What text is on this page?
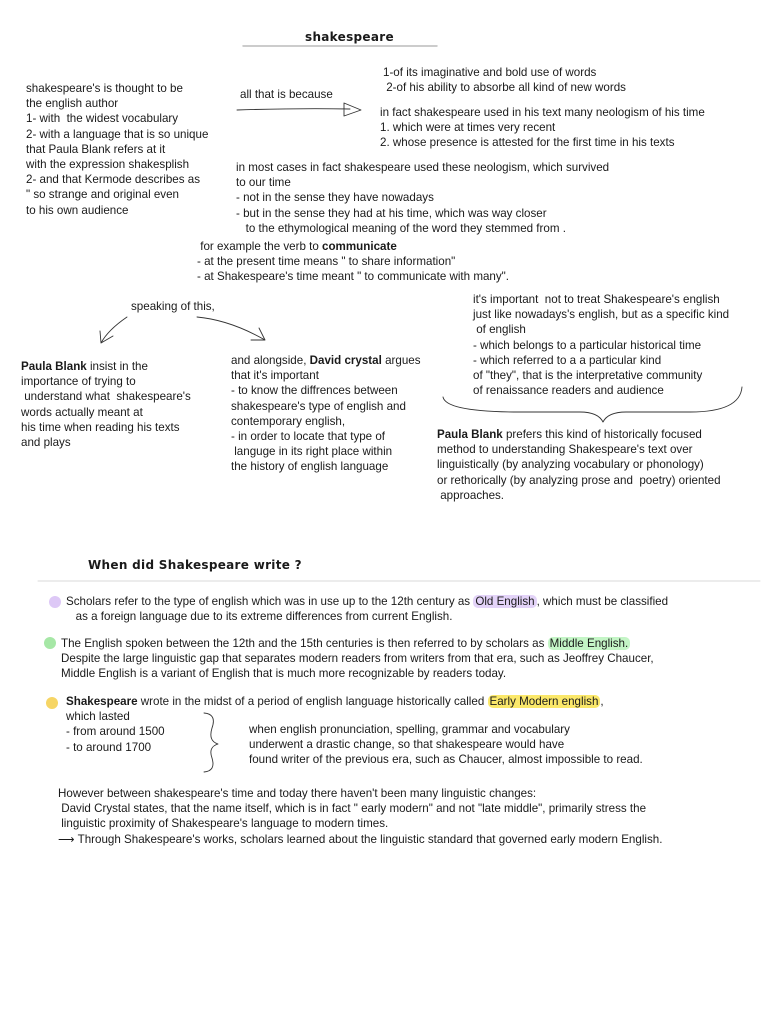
shakespeare
shakespeare's is thought to be
the english author
1- with  the widest vocabulary
2- with a language that is so unique
that Paula Blank refers at it
with the expression shakesplish
2- and that Kermode describes as
" so strange and original even
to his own audience
all that is because
1-of its imaginative and bold use of words
2-of his ability to absorbe all kind of new words
in fact shakespeare used in his text many neologism of his time
1. which were at times very recent
2. whose presence is attested for the first time in his texts
in most cases in fact shakespeare used these neologism, which survived
to our time
- not in the sense they have nowadays
- but in the sense they had at his time, which was way closer
to the ethymological meaning of the word they stemmed from .
for example the verb to communicate
- at the present time means " to share information"
- at Shakespeare's time meant " to communicate with many".
speaking of this,
Paula Blank insist in the
importance of trying to
understand what  shakespeare's
words actually meant at
his time when reading his texts
and plays
and alongside, David crystal argues
that it's important
- to know the diffrences between
shakespeare's type of english and
contemporary english,
- in order to locate that type of
languge in its right place within
the history of english language
it's important  not to treat Shakespeare's english
just like nowadays's english, but as a specific kind
of english
- which belongs to a particular historical time
- which referred to a a particular kind
of "they", that is the interpretative community
of renaissance readers and audience
Paula Blank prefers this kind of historically focused
method to understanding Shakespeare's text over
linguistically (by analyzing vocabulary or phonology)
or rethorically (by analyzing prose and  poetry) oriented
approaches.
When did Shakespeare write ?
Scholars refer to the type of english which was in use up to the 12th century as Old English , which must be classified
as a foreign language due to its extreme differences from current English.
The English spoken between the 12th and the 15th centuries is then referred to by scholars as Middle English.
Despite the large linguistic gap that separates modern readers from writers from that era, such as Jeoffrey Chaucer,
Middle English is a variant of English that is much more recognizable by readers today.
Shakespeare wrote in the midst of a period of english language historically called Early Modern english ,
which lasted
- from around 1500
- to around 1700
when english pronunciation, spelling, grammar and vocabulary
underwent a drastic change, so that shakespeare would have
found writer of the previous era, such as Chaucer, almost impossible to read.
However between shakespeare's time and today there haven't been many linguistic changes:
David Crystal states, that the name itself, which is in fact " early modern" and not "late middle", primarily stress the
linguistic proximity of Shakespeare's language to modern times.
⟶ Through Shakespeare's works, scholars learned about the linguistic standard that governed early modern English.
